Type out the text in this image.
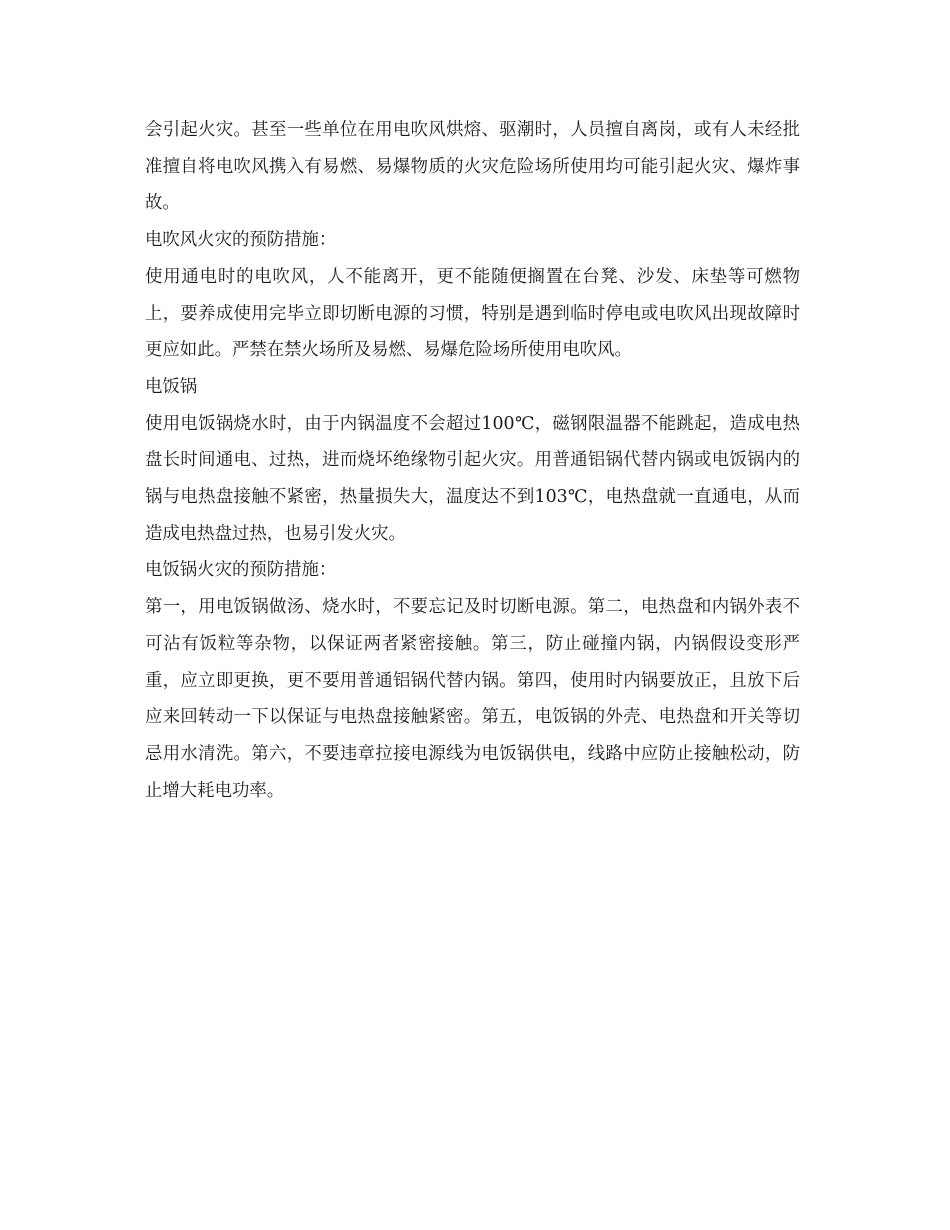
会引起火灾。甚至一些单位在用电吹风烘熔、驱潮时，人员擅自离岗，或有人未经批准擅自将电吹风携入有易燃、易爆物质的火灾危险场所使用均可能引起火灾、爆炸事故。

电吹风火灾的预防措施：

使用通电时的电吹风，人不能离开，更不能随便搁置在台凳、沙发、床垫等可燃物上，要养成使用完毕立即切断电源的习惯，特别是遇到临时停电或电吹风出现故障时更应如此。严禁在禁火场所及易燃、易爆危险场所使用电吹风。

电饭锅

使用电饭锅烧水时，由于内锅温度不会超过100℃，磁钢限温器不能跳起，造成电热盘长时间通电、过热，进而烧坏绝缘物引起火灾。用普通铝锅代替内锅或电饭锅内的锅与电热盘接触不紧密，热量损失大，温度达不到103℃，电热盘就一直通电，从而造成电热盘过热，也易引发火灾。

电饭锅火灾的预防措施：

第一，用电饭锅做汤、烧水时，不要忘记及时切断电源。第二，电热盘和内锅外表不可沾有饭粒等杂物，以保证两者紧密接触。第三，防止碰撞内锅，内锅假设变形严重，应立即更换，更不要用普通铝锅代替内锅。第四，使用时内锅要放正，且放下后应来回转动一下以保证与电热盘接触紧密。第五，电饭锅的外壳、电热盘和开关等切忌用水清洗。第六，不要违章拉接电源线为电饭锅供电，线路中应防止接触松动，防止增大耗电功率。
